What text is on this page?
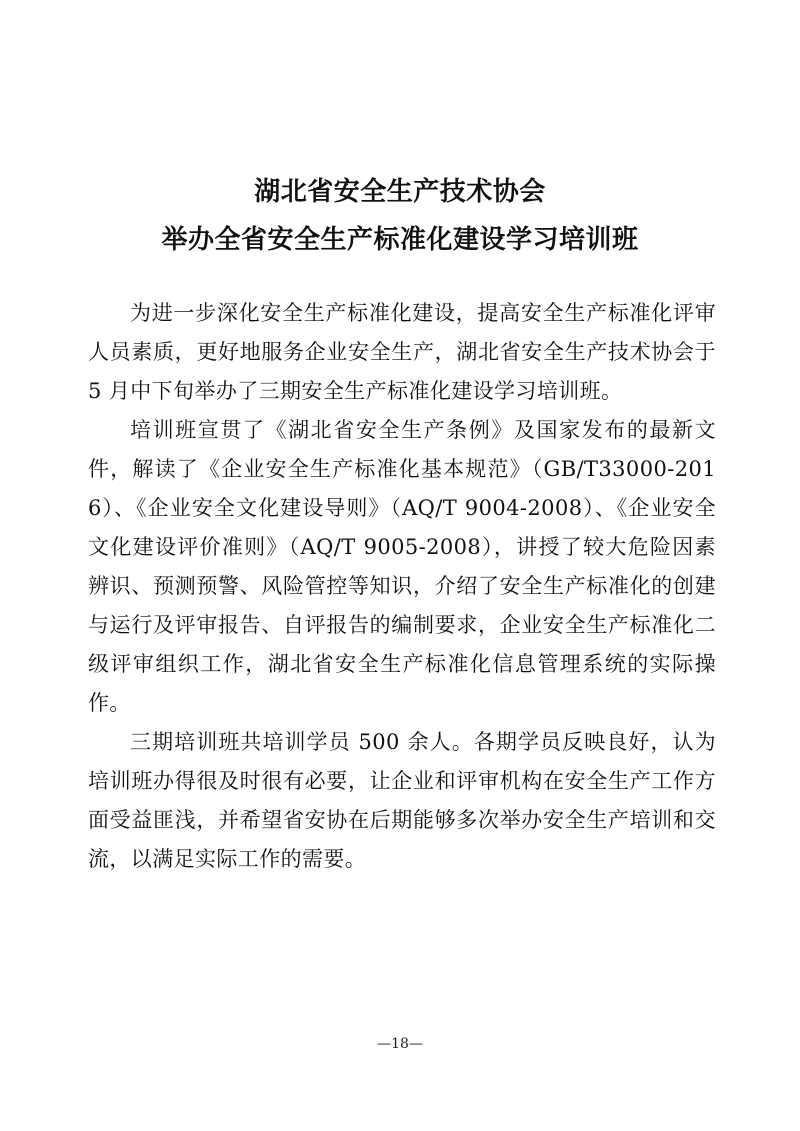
湖北省安全生产技术协会
举办全省安全生产标准化建设学习培训班

为进一步深化安全生产标准化建设，提高安全生产标准化评审人员素质，更好地服务企业安全生产，湖北省安全生产技术协会于 5 月中下旬举办了三期安全生产标准化建设学习培训班。

培训班宣贯了《湖北省安全生产条例》及国家发布的最新文件，解读了《企业安全生产标准化基本规范》（GB/T33000-2016）、《企业安全文化建设导则》（AQ/T 9004-2008）、《企业安全文化建设评价准则》（AQ/T 9005-2008），讲授了较大危险因素辨识、预测预警、风险管控等知识，介绍了安全生产标准化的创建与运行及评审报告、自评报告的编制要求，企业安全生产标准化二级评审组织工作，湖北省安全生产标准化信息管理系统的实际操作。

三期培训班共培训学员 500 余人。各期学员反映良好，认为培训班办得很及时很有必要，让企业和评审机构在安全生产工作方面受益匪浅，并希望省安协在后期能够多次举办安全生产培训和交流，以满足实际工作的需要。

—18—
